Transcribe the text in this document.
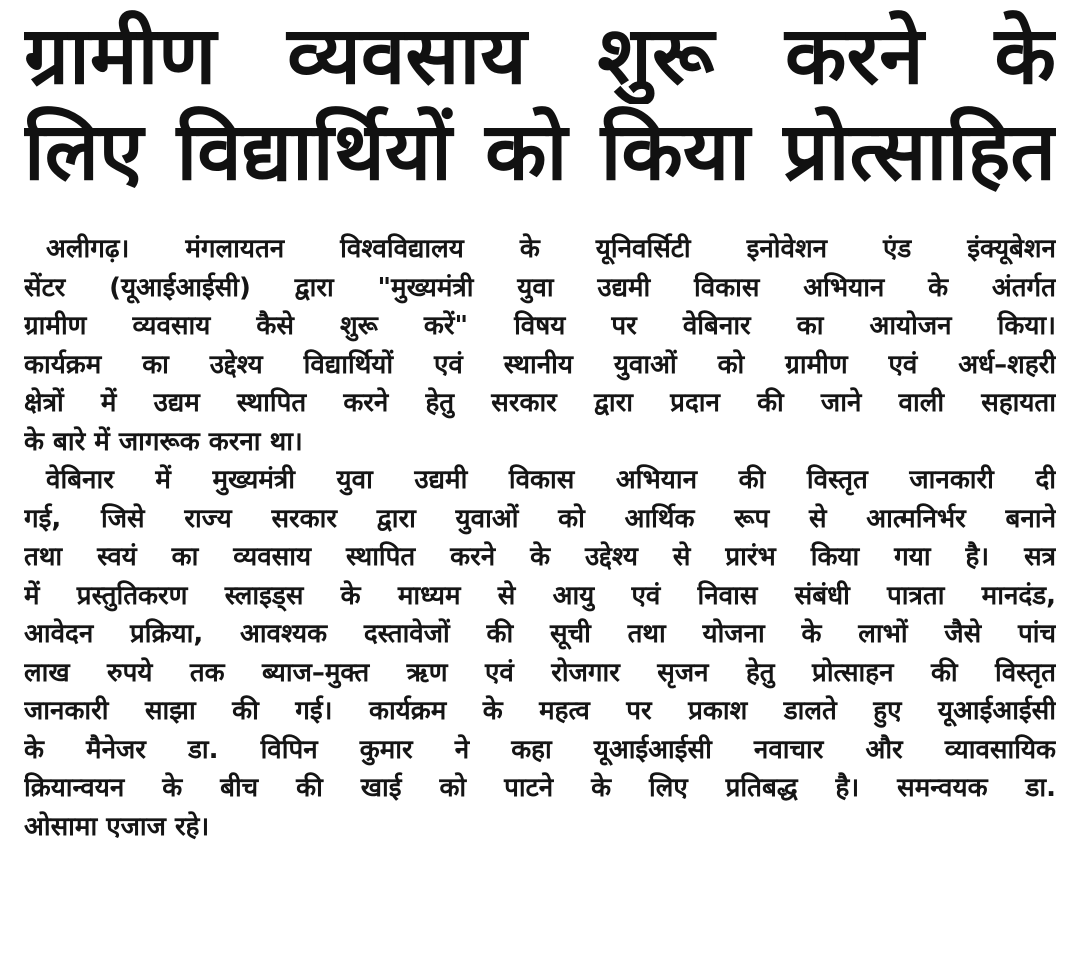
ग्रामीण व्यवसाय शुरू करने के
लिए विद्यार्थियों को किया प्रोत्साहित

अलीगढ़। मंगलायतन विश्वविद्यालय के यूनिवर्सिटी इनोवेशन एंड इंक्यूबेशन
सेंटर (यूआईआईसी) द्वारा "मुख्यमंत्री युवा उद्यमी विकास अभियान के अंतर्गत
ग्रामीण व्यवसाय कैसे शुरू करें" विषय पर वेबिनार का आयोजन किया।
कार्यक्रम का उद्देश्य विद्यार्थियों एवं स्थानीय युवाओं को ग्रामीण एवं अर्ध–शहरी
क्षेत्रों में उद्यम स्थापित करने हेतु सरकार द्वारा प्रदान की जाने वाली सहायता
के बारे में जागरूक करना था।

वेबिनार में मुख्यमंत्री युवा उद्यमी विकास अभियान की विस्तृत जानकारी दी
गई, जिसे राज्य सरकार द्वारा युवाओं को आर्थिक रूप से आत्मनिर्भर बनाने
तथा स्वयं का व्यवसाय स्थापित करने के उद्देश्य से प्रारंभ किया गया है। सत्र
में प्रस्तुतिकरण स्लाइड्स के माध्यम से आयु एवं निवास संबंधी पात्रता मानदंड,
आवेदन प्रक्रिया, आवश्यक दस्तावेजों की सूची तथा योजना के लाभों जैसे पांच
लाख रुपये तक ब्याज–मुक्त ऋण एवं रोजगार सृजन हेतु प्रोत्साहन की विस्तृत
जानकारी साझा की गई। कार्यक्रम के महत्व पर प्रकाश डालते हुए यूआईआईसी
के मैनेजर डा. विपिन कुमार ने कहा यूआईआईसी नवाचार और व्यावसायिक
क्रियान्वयन के बीच की खाई को पाटने के लिए प्रतिबद्ध है। समन्वयक डा.
ओसामा एजाज रहे।
